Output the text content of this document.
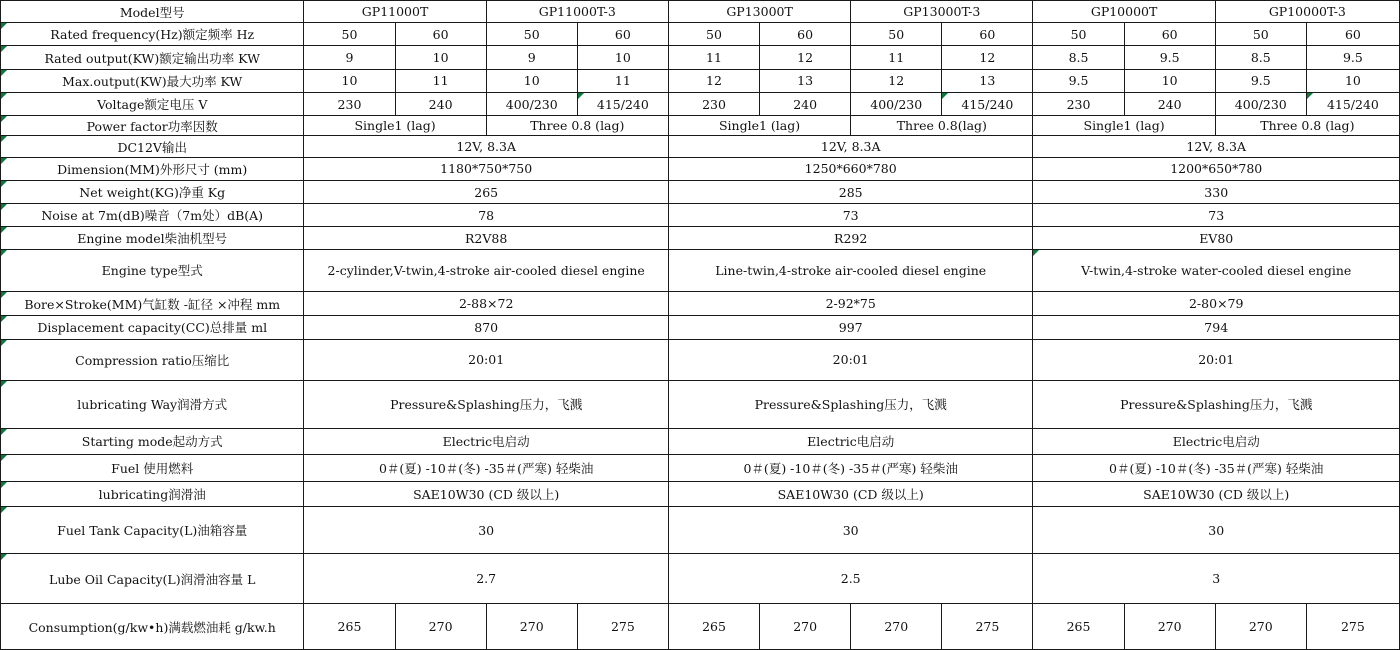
Model型号	GP11000T		GP11000T-3		GP13000T		GP13000T-3		GP10000T		GP10000T-3	
Rated frequency(Hz)额定频率 Hz	50	60	50	60	50	60	50	60	50	60	50	60
Rated output(KW)额定输出功率 KW	9	10	9	10	11	12	11	12	8.5	9.5	8.5	9.5
Max.output(KW)最大功率 KW	10	11	10	11	12	13	12	13	9.5	10	9.5	10
Voltage额定电压 V	230	240	400/230	415/240	230	240	400/230	415/240	230	240	400/230	415/240
Power factor功率因数	Single1 (lag)		Three 0.8 (lag)		Single1 (lag)		Three 0.8(lag)		Single1 (lag)		Three 0.8 (lag)	
DC12V输出	12V, 8.3A				12V, 8.3A				12V, 8.3A			
Dimension(MM)外形尺寸 (mm)	1180*750*750				1250*660*780				1200*650*780			
Net weight(KG)净重 Kg	265				285				330			
Noise at 7m(dB)噪音（7m处）dB(A)	78				73				73			
Engine model柴油机型号	R2V88				R292				EV80			
Engine type型式	2-cylinder,V-twin,4-stroke air-cooled diesel engine				Line-twin,4-stroke air-cooled diesel engine				V-twin,4-stroke water-cooled diesel engine			
Bore×Stroke(MM)气缸数 -缸径 ×冲程 mm	2-88×72				2-92*75				2-80×79			
Displacement capacity(CC)总排量 ml	870				997				794			
Compression ratio压缩比	20:01				20:01				20:01			
lubricating Way润滑方式	Pressure&Splashing压力，飞溅				Pressure&Splashing压力，飞溅				Pressure&Splashing压力，飞溅			
Starting mode起动方式	Electric电启动				Electric电启动				Electric电启动			
Fuel 使用燃料	0＃(夏) -10＃(冬) -35＃(严寒) 轻柴油				0＃(夏) -10＃(冬) -35＃(严寒) 轻柴油				0＃(夏) -10＃(冬) -35＃(严寒) 轻柴油			
lubricating润滑油	SAE10W30 (CD 级以上)				SAE10W30 (CD 级以上)				SAE10W30 (CD 级以上)			
Fuel Tank Capacity(L)油箱容量	30				30				30			
Lube Oil Capacity(L)润滑油容量 L	2.7				2.5				3			
Consumption(g/kw•h)满载燃油耗 g/kw.h	265	270	270	275	265	270	270	275	265	270	270	275
